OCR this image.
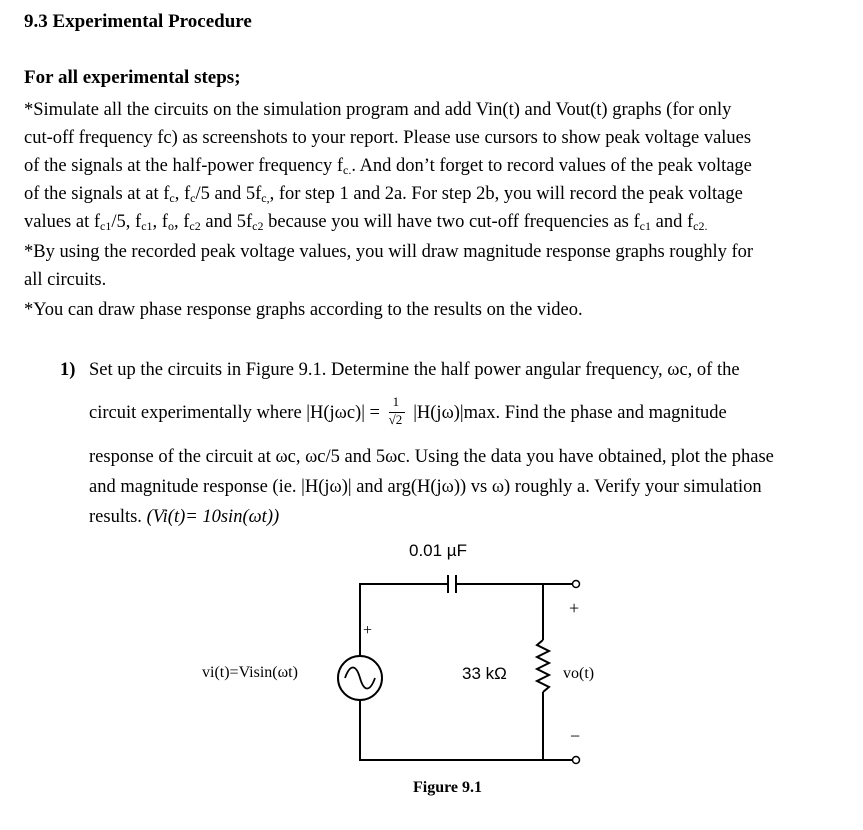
9.3 Experimental Procedure
For all experimental steps;
*Simulate all the circuits on the simulation program and add Vin(t) and Vout(t) graphs (for only
cut-off frequency fc) as screenshots to your report. Please use cursors to show peak voltage values
of the signals at the half-power frequency $f_{c.}$. And don’t forget to record values of the peak voltage
of the signals at at $f_c$, $f_c/5$ and $5f_{c,}$, for step 1 and 2a. For step 2b, you will record the peak voltage
values at $f_{c1}/5$, $f_{c1}$, $f_o$, $f_{c2}$ and $5f_{c2}$ because you will have two cut-off frequencies as $f_{c1}$ and $f_{c2.}$
*By using the recorded peak voltage values, you will draw magnitude response graphs roughly for
all circuits.
*You can draw phase response graphs according to the results on the video.
1) Set up the circuits in Figure 9.1. Determine the half power angular frequency, ωc, of the
circuit experimentally where $|H(j\omega c)| = \frac{1}{√2} |H(j\omega)|\max$. Find the phase and magnitude
response of the circuit at ωc, ωc/5 and 5ωc. Using the data you have obtained, plot the phase
and magnitude response (ie. |H(jω)| and arg(H(jω)) vs ω) roughly a. Verify your simulation
results. (Vi(t)= 10sin(ωt))
0.01 µF
33 kΩ
vi(t)=Visin(ωt)
+
+
vo(t)
−
Figure 9.1
